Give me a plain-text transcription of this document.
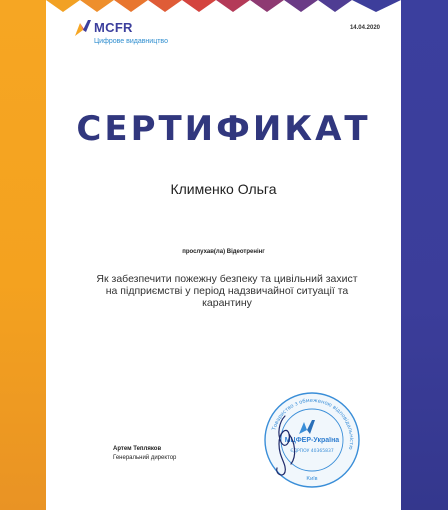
MCFR
Цифрове видавництво
14.04.2020
СЕРТИФИКАТ
Клименко Ольга
прослухав(ла) Відеотренінг
Як забезпечити пожежну безпеку та цивільний захист
на підприємстві у період надзвичайної ситуації та
карантину
Артем Тепляков
Генеральний директор
Товариство з обмеженою відповідальністю
МЦФЕР-Україна
ЄДРПОУ 40365837
Київ
